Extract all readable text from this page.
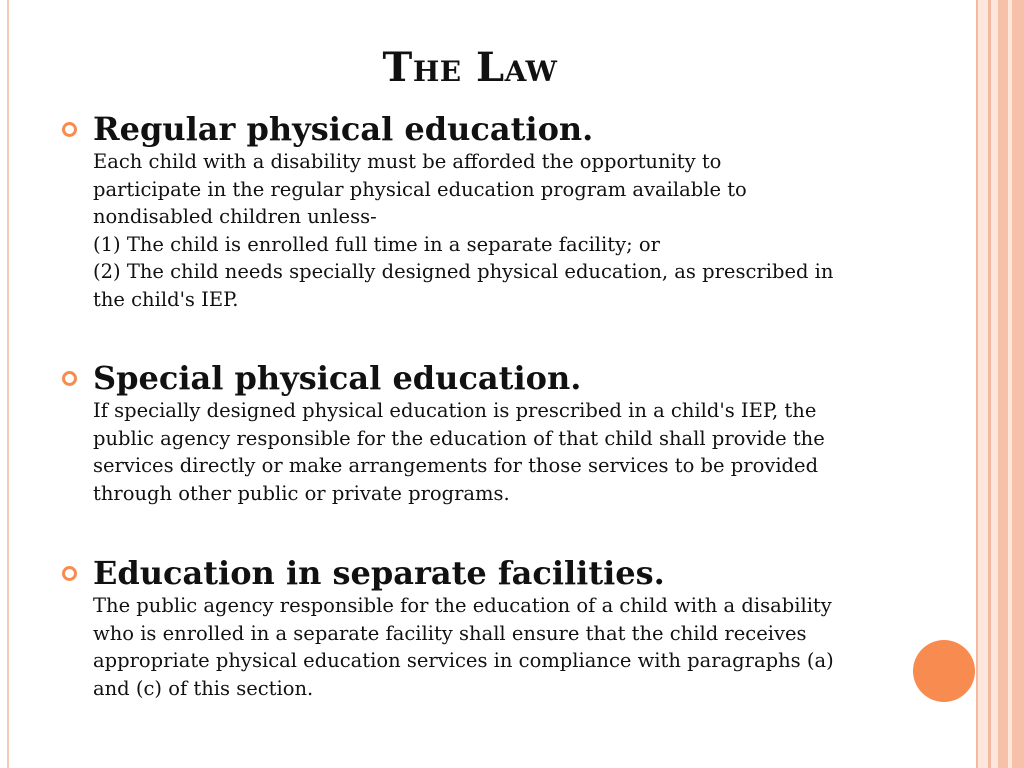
The Law

Regular physical education.

Each child with a disability must be afforded the opportunity to
participate in the regular physical education program available to
nondisabled children unless-
(1) The child is enrolled full time in a separate facility; or
(2) The child needs specially designed physical education, as prescribed in
the child's IEP.

Special physical education.

If specially designed physical education is prescribed in a child's IEP, the
public agency responsible for the education of that child shall provide the
services directly or make arrangements for those services to be provided
through other public or private programs.

Education in separate facilities.

The public agency responsible for the education of a child with a disability
who is enrolled in a separate facility shall ensure that the child receives
appropriate physical education services in compliance with paragraphs (a)
and (c) of this section.
